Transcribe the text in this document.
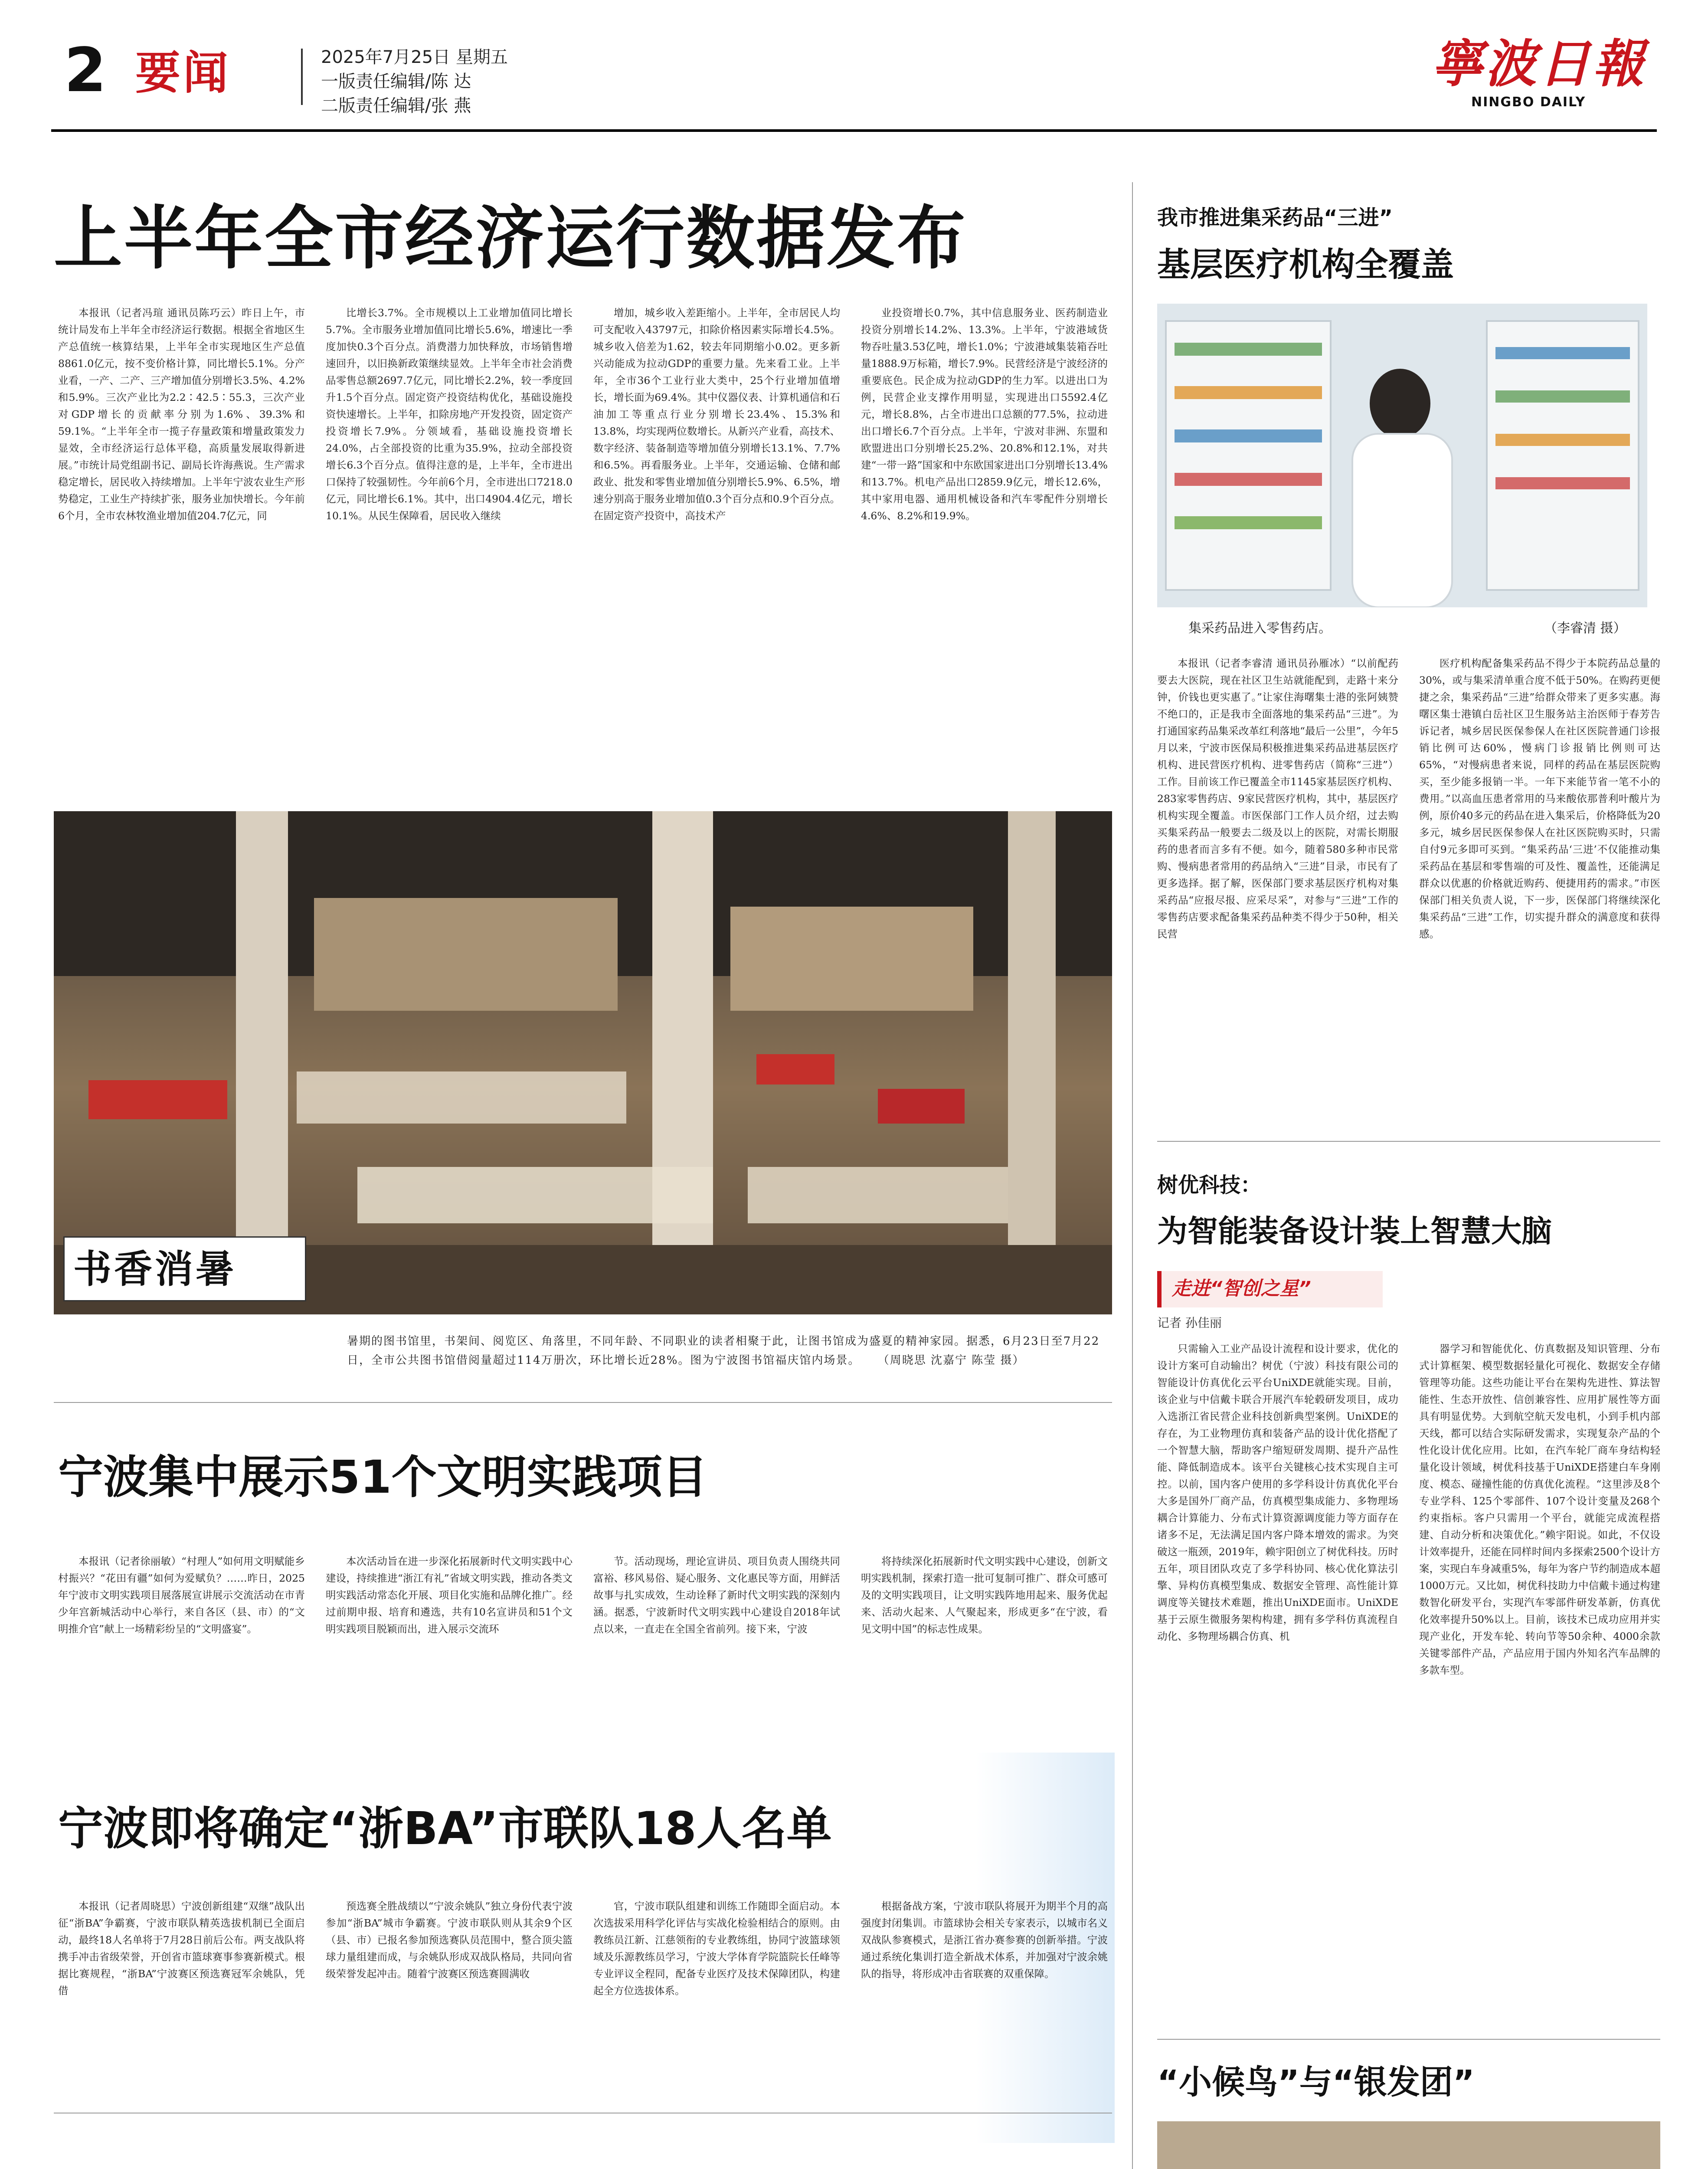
2 要闻	2025年7月25日 星期五
一版责任编辑/陈 达
二版责任编辑/张 燕
寧波日報
NINGBO DAILY
上半年全市经济运行数据发布

本报讯（记者冯瑄 通讯员陈巧云）昨日上午，市统计局发布上半年全市经济运行数据。根据全省地区生产总值统一核算结果，上半年全市实现地区生产总值8861.0亿元，按不变价格计算，同比增长5.1%。分产业看，一产、二产、三产增加值分别增长3.5%、4.2%和5.9%。三次产业比为2.2∶42.5∶55.3，三次产业对GDP增长的贡献率分别为1.6%、39.3%和59.1%。“上半年全市一揽子存量政策和增量政策发力显效，全市经济运行总体平稳，高质量发展取得新进展。”市统计局党组副书记、副局长许海燕说。生产需求稳定增长，居民收入持续增加。上半年宁波农业生产形势稳定，工业生产持续扩张，服务业加快增长。今年前6个月，全市农林牧渔业增加值204.7亿元，同

比增长3.7%。全市规模以上工业增加值同比增长5.7%。全市服务业增加值同比增长5.6%，增速比一季度加快0.3个百分点。消费潜力加快释放，市场销售增速回升，以旧换新政策继续显效。上半年全市社会消费品零售总额2697.7亿元，同比增长2.2%，较一季度回升1.5个百分点。固定资产投资结构优化，基础设施投资快速增长。上半年，扣除房地产开发投资，固定资产投资增长7.9%。分领域看，基础设施投资增长24.0%，占全部投资的比重为35.9%，拉动全部投资增长6.3个百分点。值得注意的是，上半年，全市进出口保持了较强韧性。今年前6个月，全市进出口7218.0亿元，同比增长6.1%。其中，出口4904.4亿元，增长10.1%。从民生保障看，居民收入继续

增加，城乡收入差距缩小。上半年，全市居民人均可支配收入43797元，扣除价格因素实际增长4.5%。城乡收入倍差为1.62，较去年同期缩小0.02。更多新兴动能成为拉动GDP的重要力量。先来看工业。上半年，全市36个工业行业大类中，25个行业增加值增长，增长面为69.4%。其中仪器仪表、计算机通信和石油加工等重点行业分别增长23.4%、15.3%和13.8%，均实现两位数增长。从新兴产业看，高技术、数字经济、装备制造等增加值分别增长13.1%、7.7%和6.5%。再看服务业。上半年，交通运输、仓储和邮政业、批发和零售业增加值分别增长5.9%、6.5%，增速分别高于服务业增加值0.3个百分点和0.9个百分点。在固定资产投资中，高技术产

业投资增长0.7%，其中信息服务业、医药制造业投资分别增长14.2%、13.3%。上半年，宁波港域货物吞吐量3.53亿吨，增长1.0%；宁波港域集装箱吞吐量1888.9万标箱，增长7.9%。民营经济是宁波经济的重要底色。民企成为拉动GDP的生力军。以进出口为例，民营企业支撑作用明显，实现进出口5592.4亿元，增长8.8%，占全市进出口总额的77.5%，拉动进出口增长6.7个百分点。上半年，宁波对非洲、东盟和欧盟进出口分别增长25.2%、20.8%和12.1%，对共建“一带一路”国家和中东欧国家进出口分别增长13.4%和13.7%。机电产品出口2859.9亿元，增长12.6%，其中家用电器、通用机械设备和汽车零配件分别增长4.6%、8.2%和19.9%。

书香消暑
暑期的图书馆里，书架间、阅览区、角落里，不同年龄、不同职业的读者相聚于此，让图书馆成为盛夏的精神家园。据悉，6月23日至7月22日，全市公共图书馆借阅量超过114万册次，环比增长近28%。图为宁波图书馆福庆馆内场景。 （周晓思 沈嘉宁 陈莹 摄）
宁波集中展示51个文明实践项目

本报讯（记者徐丽敏）“村理人”如何用文明赋能乡村振兴？“花田有疆”如何为爱赋负？……昨日，2025年宁波市文明实践项目展落展宣讲展示交流活动在市青少年宫新城活动中心举行，来自各区（县、市）的“文明推介官”献上一场精彩纷呈的“文明盛宴”。

本次活动旨在进一步深化拓展新时代文明实践中心建设，持续推进“浙江有礼”省域文明实践，推动各类文明实践活动常态化开展、项目化实施和品牌化推广。经过前期申报、培育和遴选，共有10名宣讲员和51个文明实践项目脱颖而出，进入展示交流环

节。活动现场，理论宣讲员、项目负责人围绕共同富裕、移风易俗、疑心服务、文化惠民等方面，用鲜活故事与扎实成效，生动诠释了新时代文明实践的深刻内涵。据悉，宁波新时代文明实践中心建设自2018年试点以来，一直走在全国全省前列。接下来，宁波

将持续深化拓展新时代文明实践中心建设，创新文明实践机制，探索打造一批可复制可推广、群众可感可及的文明实践项目，让文明实践阵地用起来、服务优起来、活动火起来、人气聚起来，形成更多“在宁波，看见文明中国”的标志性成果。

宁波即将确定“浙BA”市联队18人名单

本报讯（记者周晓思）宁波创新组建“双继”战队出征“浙BA”争霸赛，宁波市联队精英选拔机制已全面启动，最终18人名单将于7月28日前后公布。两支战队将携手冲击省级荣誉，开创省市篮球赛事参赛新模式。根据比赛规程，“浙BA”宁波赛区预选赛冠军余姚队，凭借

预选赛全胜战绩以“宁波余姚队”独立身份代表宁波参加“浙BA”城市争霸赛。宁波市联队则从其余9个区（县、市）已报名参加预选赛队员范围中，整合顶尖篮球力量组建而成，与余姚队形成双战队格局，共同向省级荣誉发起冲击。随着宁波赛区预选赛圆满收

官，宁波市联队组建和训练工作随即全面启动。本次选拔采用科学化评估与实战化检验相结合的原则。由教练员江新、江慈领衔的专业教练组，协同宁波篮球领域及乐源教练员学习，宁波大学体育学院篮院长任峰等专业评议全程同，配备专业医疗及技术保障团队，构建起全方位选拔体系。

根据备战方案，宁波市联队将展开为期半个月的高强度封闭集训。市篮球协会相关专家表示，以城市名义双战队参赛模式，是浙江省办赛参赛的创新举措。宁波通过系统化集训打造全新战术体系，并加强对宁波余姚队的指导，将形成冲击省联赛的双重保障。

我市推进集采药品“三进”
基层医疗机构全覆盖
集采药品进入零售药店。	（李睿清 摄）

本报讯（记者李睿清 通讯员孙雁冰）“以前配药要去大医院，现在社区卫生站就能配到，走路十来分钟，价钱也更实惠了。”让家住海曙集士港的张阿姨赞不绝口的，正是我市全面落地的集采药品“三进”。为打通国家药品集采改革红利落地“最后一公里”，今年5月以来，宁波市医保局积极推进集采药品进基层医疗机构、进民营医疗机构、进零售药店（简称“三进”）工作。目前该工作已覆盖全市1145家基层医疗机构、283家零售药店、9家民营医疗机构，其中，基层医疗机构实现全覆盖。市医保部门工作人员介绍，过去购买集采药品一般要去二级及以上的医院，对需长期服药的患者而言多有不便。如今，随着580多种市民常购、慢病患者常用的药品纳入“三进”目录，市民有了更多选择。据了解，医保部门要求基层医疗机构对集采药品“应报尽报、应采尽采”，对参与“三进”工作的零售药店要求配备集采药品种类不得少于50种，相关民营

医疗机构配备集采药品不得少于本院药品总量的30%，或与集采清单重合度不低于50%。在购药更便捷之余，集采药品“三进”给群众带来了更多实惠。海曙区集士港镇白岳社区卫生服务站主治医师于春芳告诉记者，城乡居民医保参保人在社区医院普通门诊报销比例可达60%，慢病门诊报销比例则可达65%，“对慢病患者来说，同样的药品在基层医院购买，至少能多报销一半。一年下来能节省一笔不小的费用。”以高血压患者常用的马来酸依那普利叶酸片为例，原价40多元的药品在进入集采后，价格降低为20多元，城乡居民医保参保人在社区医院购买时，只需自付9元多即可买到。“集采药品‘三进’不仅能推动集采药品在基层和零售端的可及性、覆盖性，还能满足群众以优惠的价格就近购药、便捷用药的需求。”市医保部门相关负责人说，下一步，医保部门将继续深化集采药品“三进”工作，切实提升群众的满意度和获得感。

树优科技：
为智能装备设计装上智慧大脑
走进“智创之星”
记者 孙佳丽

只需输入工业产品设计流程和设计要求，优化的设计方案可自动输出？树优（宁波）科技有限公司的智能设计仿真优化云平台UniXDE就能实现。目前，该企业与中信戴卡联合开展汽车轮毂研发项目，成功入选浙江省民营企业科技创新典型案例。UniXDE的存在，为工业物理仿真和装备产品的设计优化搭配了一个智慧大脑，帮助客户缩短研发周期、提升产品性能、降低制造成本。该平台关键核心技术实现自主可控。以前，国内客户使用的多学科设计仿真优化平台大多是国外厂商产品，仿真模型集成能力、多物理场耦合计算能力、分布式计算资源调度能力等方面存在诸多不足，无法满足国内客户降本增效的需求。为突破这一瓶颈，2019年，赖宇阳创立了树优科技。历时五年，项目团队攻克了多学科协同、核心优化算法引擎、异构仿真模型集成、数据安全管理、高性能计算调度等关键技术难题，推出UniXDE面市。UniXDE基于云原生微服务架构构建，拥有多学科仿真流程自动化、多物理场耦合仿真、机

器学习和智能优化、仿真数据及知识管理、分布式计算框架、模型数据轻量化可视化、数据安全存储管理等功能。这些功能让平台在架构先进性、算法智能性、生态开放性、信创兼容性、应用扩展性等方面具有明显优势。大到航空航天发电机，小到手机内部天线，都可以结合实际研发需求，实现复杂产品的个性化设计优化应用。比如，在汽车轮厂商车身结构轻量化设计领域，树优科技基于UniXDE搭建白车身刚度、模态、碰撞性能的仿真优化流程。“这里涉及8个专业学科、125个零部件、107个设计变量及268个约束指标。客户只需用一个平台，就能完成流程搭建、自动分析和决策优化。”赖宇阳说。如此，不仅设计效率提升，还能在同样时间内多探索2500个设计方案，实现白车身减重5%，每年为客户节约制造成本超1000万元。又比如，树优科技助力中信戴卡通过构建数智化研发平台，实现汽车零部件研发革新，仿真优化效率提升50%以上。目前，该技术已成功应用并实现产业化，开发车轮、转向节等50余种、4000余款关键零部件产品，产品应用于国内外知名汽车品牌的多款车型。

“小候鸟”与“银发团”
